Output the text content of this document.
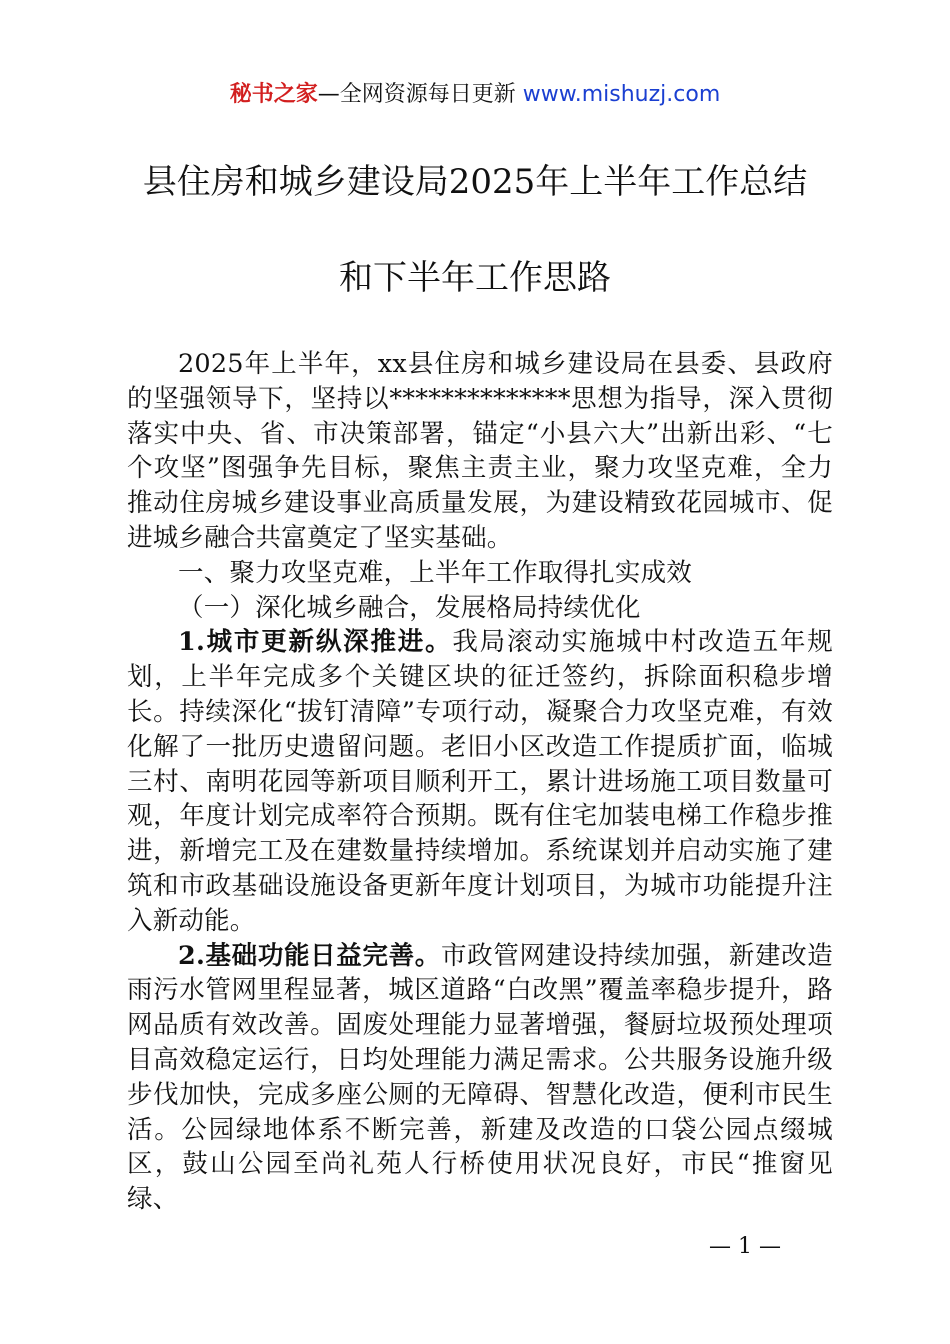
秘书之家—全网资源每日更新 www.mishuzj.com
县住房和城乡建设局2025年上半年工作总结
和下半年工作思路

2025年上半年，xx县住房和城乡建设局在县委、县政府的坚强领导下，坚持以**************思想为指导，深入贯彻落实中央、省、市决策部署，锚定“小县六大”出新出彩、“七个攻坚”图强争先目标，聚焦主责主业，聚力攻坚克难，全力推动住房城乡建设事业高质量发展，为建设精致花园城市、促进城乡融合共富奠定了坚实基础。

一、聚力攻坚克难，上半年工作取得扎实成效

（一）深化城乡融合，发展格局持续优化

1.城市更新纵深推进。我局滚动实施城中村改造五年规划，上半年完成多个关键区块的征迁签约，拆除面积稳步增长。持续深化“拔钉清障”专项行动，凝聚合力攻坚克难，有效化解了一批历史遗留问题。老旧小区改造工作提质扩面，临城三村、南明花园等新项目顺利开工，累计进场施工项目数量可观，年度计划完成率符合预期。既有住宅加装电梯工作稳步推进，新增完工及在建数量持续增加。系统谋划并启动实施了建筑和市政基础设施设备更新年度计划项目，为城市功能提升注入新动能。

2.基础功能日益完善。市政管网建设持续加强，新建改造雨污水管网里程显著，城区道路“白改黑”覆盖率稳步提升，路网品质有效改善。固废处理能力显著增强，餐厨垃圾预处理项目高效稳定运行，日均处理能力满足需求。公共服务设施升级步伐加快，完成多座公厕的无障碍、智慧化改造，便利市民生活。公园绿地体系不断完善，新建及改造的口袋公园点缀城区，鼓山公园至尚礼苑人行桥使用状况良好，市民“推窗见绿、

— 1 —
